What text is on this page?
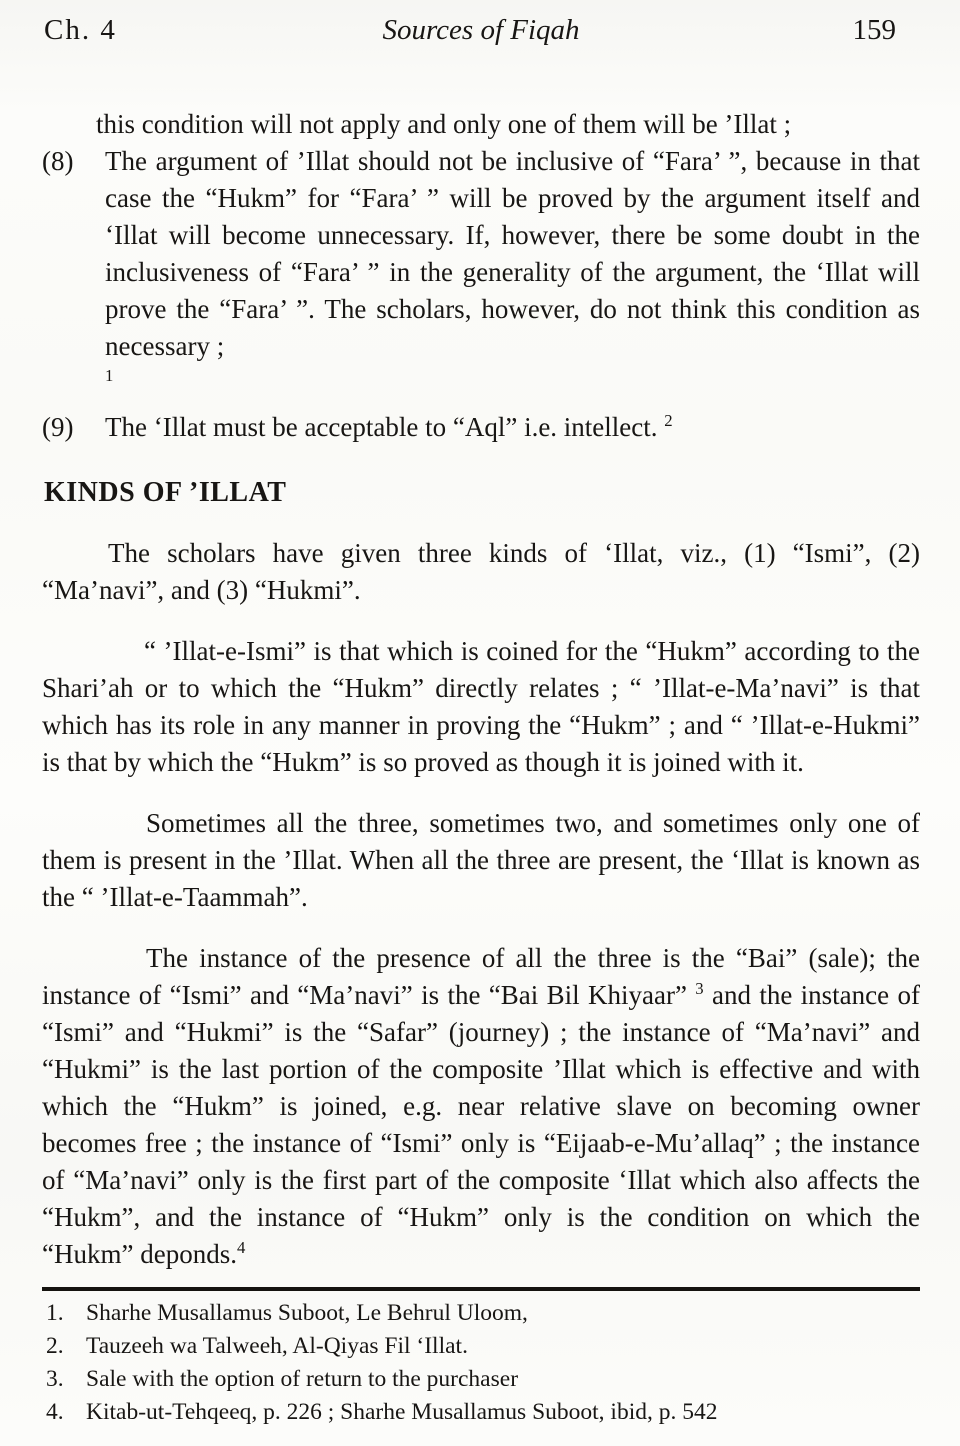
Ch. 4	Sources of Fiqah	159
this condition will not apply and only one of them will be ’Illat ;
(8)	The argument of ’Illat should not be inclusive of “Fara’ ”, because in that case the “Hukm” for “Fara’ ” will be proved by the argument itself and ‘Illat will become unnecessary. If, however, there be some doubt in the inclusiveness of “Fara’ ” in the generality of the argument, the ‘Illat will prove the “Fara’ ”. The scholars, however, do not think this condition as necessary ;
$^1$
(9)	The ‘Illat must be acceptable to “Aql” i.e. intellect. $^2$
KINDS OF ’ILLAT

The scholars have given three kinds of ‘Illat, viz., (1) “Ismi”, (2) “Ma’navi”, and (3) “Hukmi”.

“ ’Illat-e-Ismi” is that which is coined for the “Hukm” according to the Shari’ah or to which the “Hukm” directly relates ; “ ’Illat-e-Ma’navi” is that which has its role in any manner in proving the “Hukm” ; and “ ’Illat-e-Hukmi” is that by which the “Hukm” is so proved as though it is joined with it.

Sometimes all the three, sometimes two, and sometimes only one of them is present in the ’Illat. When all the three are present, the ‘Illat is known as the “ ’Illat-e-Taammah”.

The instance of the presence of all the three is the “Bai” (sale); the instance of “Ismi” and “Ma’navi” is the “Bai Bil Khiyaar” $^3$ and the instance of “Ismi” and “Hukmi” is the “Safar” (journey) ; the instance of “Ma’navi” and “Hukmi” is the last portion of the composite ’Illat which is effective and with which the “Hukm” is joined, e.g. near relative slave on becoming owner becomes free ; the instance of “Ismi” only is “Eijaab-e-Mu’allaq” ; the instance of “Ma’navi” only is the first part of the composite ‘Illat which also affects the “Hukm”, and the instance of “Hukm” only is the condition on which the “Hukm” deponds.$^4$

1. Sharhe Musallamus Suboot, Le Behrul Uloom,
2. Tauzeeh wa Talweeh, Al-Qiyas Fil ‘Illat.
3. Sale with the option of return to the purchaser
4. Kitab-ut-Tehqeeq, p. 226 ; Sharhe Musallamus Suboot, ibid, p. 542
